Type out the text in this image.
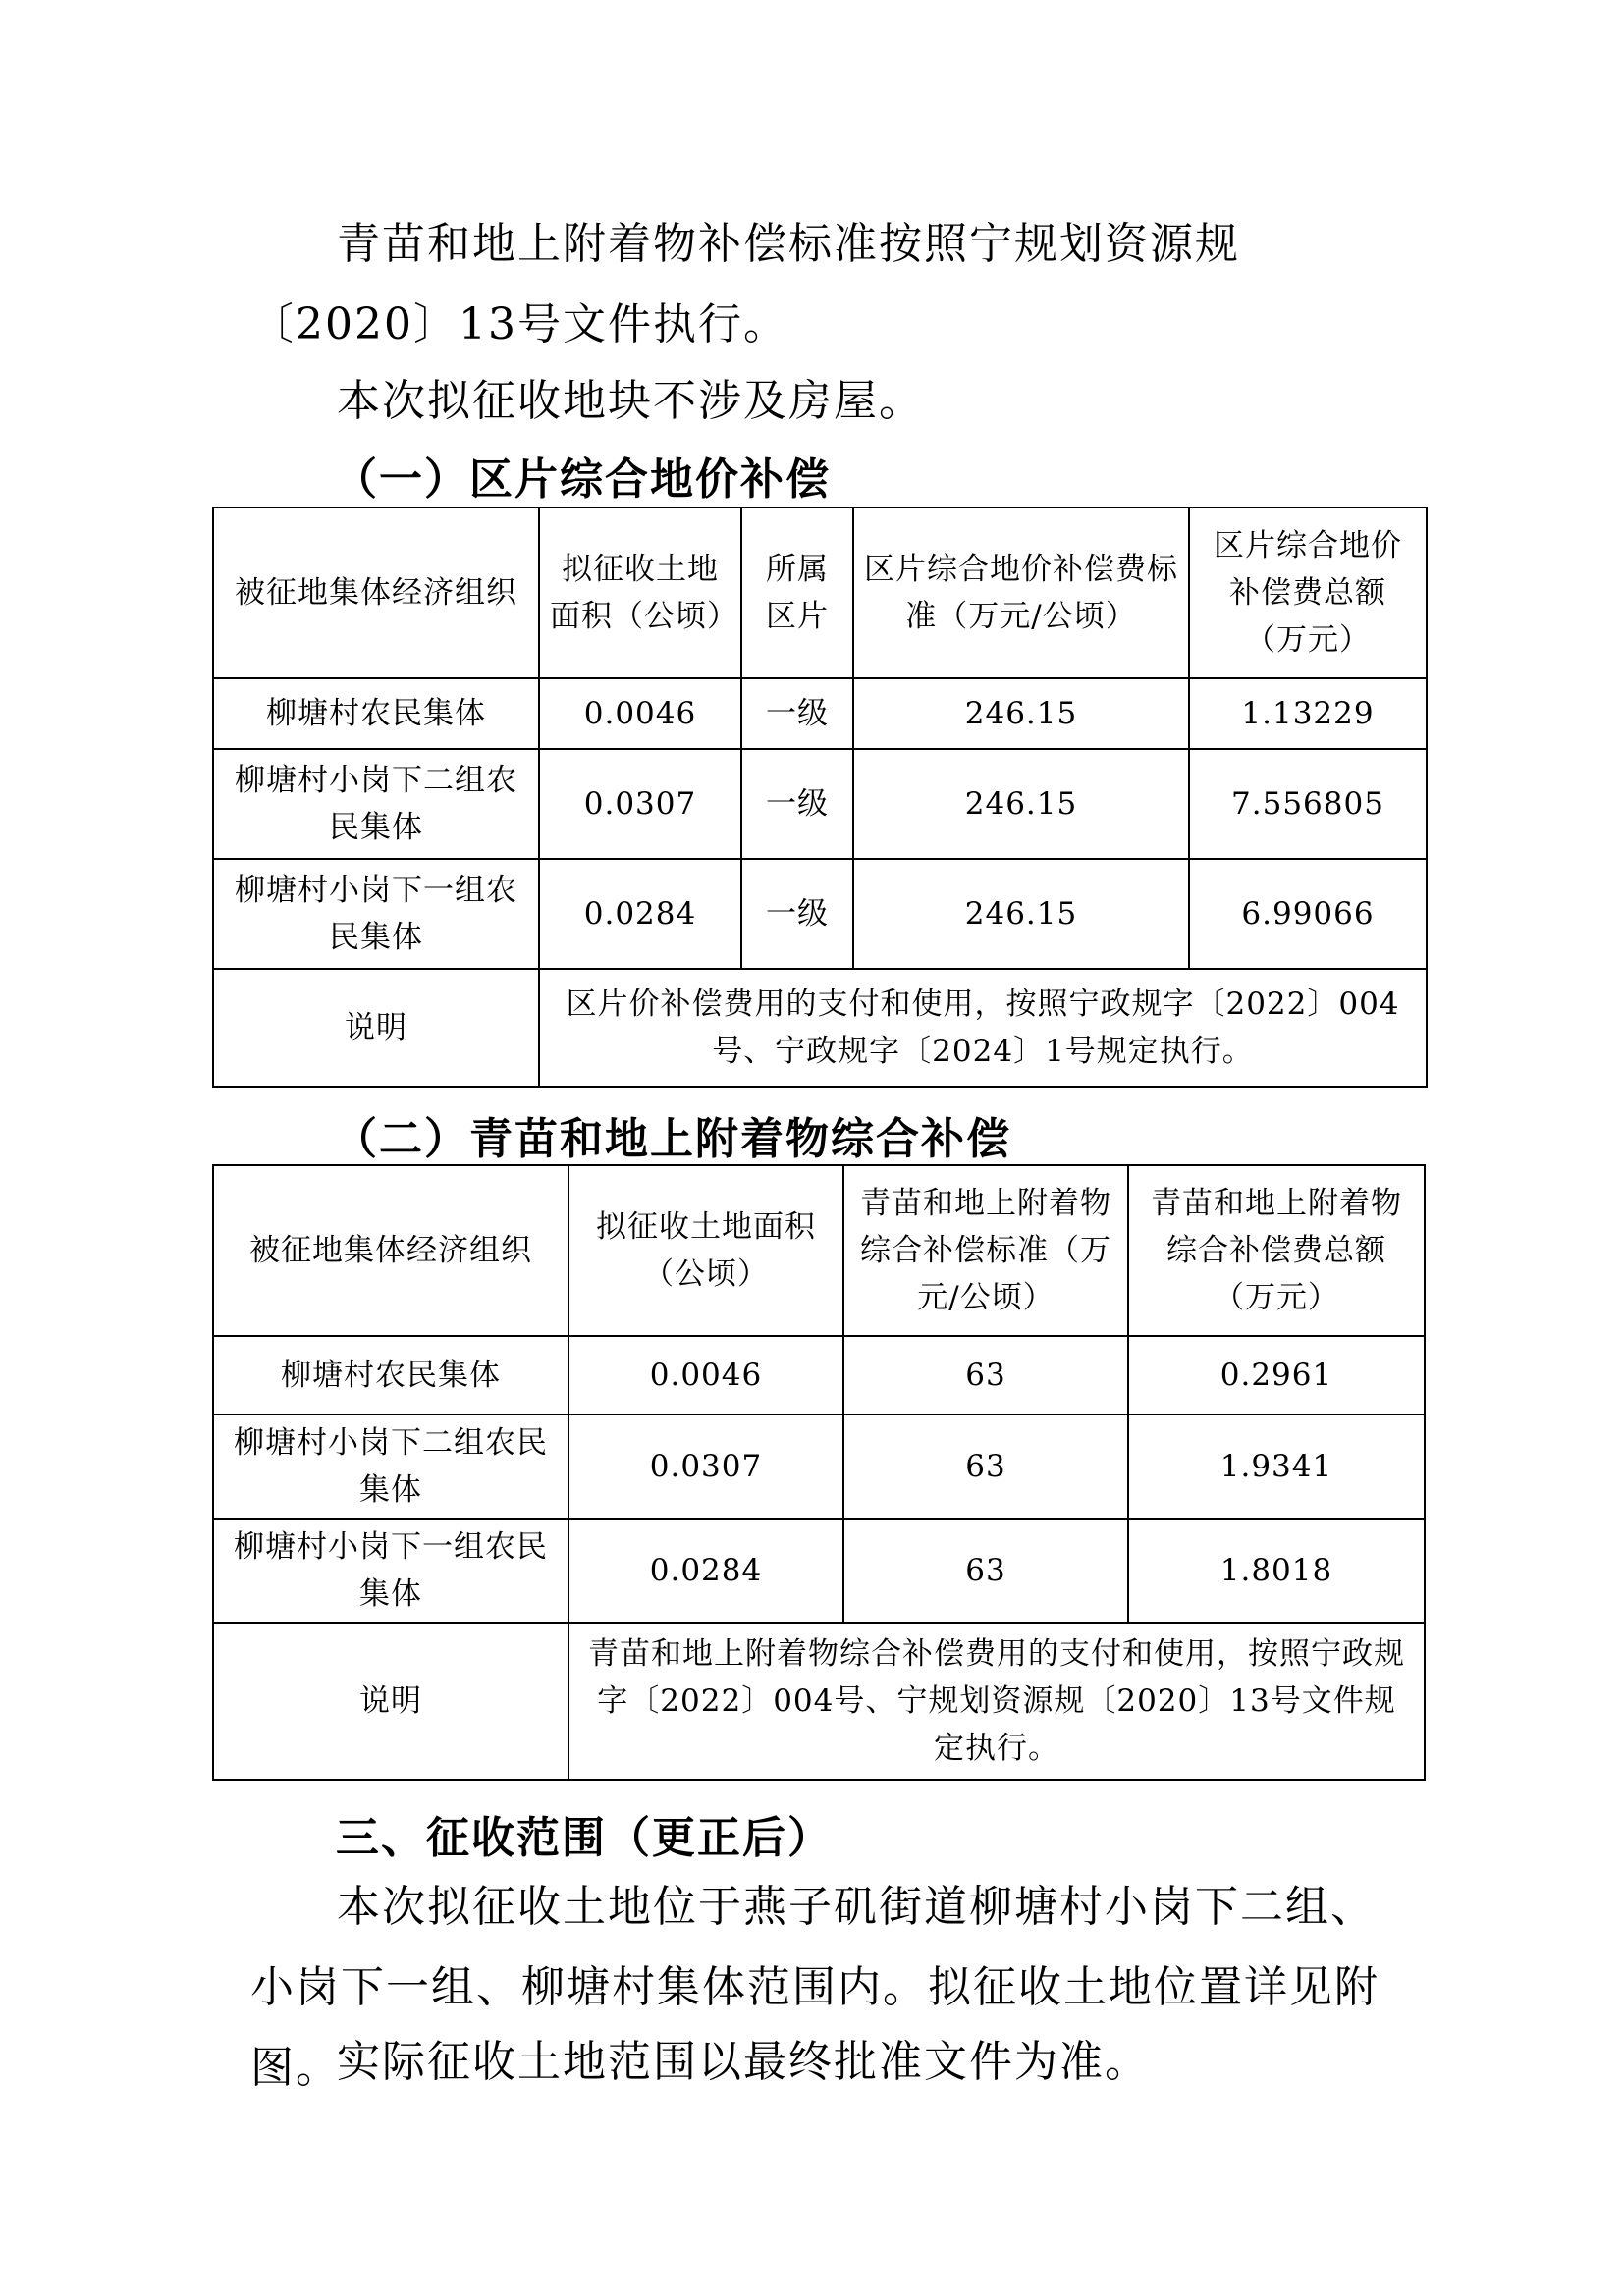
青苗和地上附着物补偿标准按照宁规划资源规〔2020〕13号文件执行。

本次拟征收地块不涉及房屋。

（一）区片综合地价补偿
被征地集体经济组织	拟征收土地面积（公顷）	所属区片	区片综合地价补偿费标准（万元/公顷）	区片综合地价补偿费总额（万元）
柳塘村农民集体	0.0046	一级	246.15	1.13229
柳塘村小岗下二组农民集体	0.0307	一级	246.15	7.556805
柳塘村小岗下一组农民集体	0.0284	一级	246.15	6.99066
说明	区片价补偿费用的支付和使用，按照宁政规字〔2022〕004号、宁政规字〔2024〕1号规定执行。			
（二）青苗和地上附着物综合补偿
被征地集体经济组织	拟征收土地面积（公顷）	青苗和地上附着物综合补偿标准（万元/公顷）	青苗和地上附着物综合补偿费总额（万元）
柳塘村农民集体	0.0046	63	0.2961
柳塘村小岗下二组农民集体	0.0307	63	1.9341
柳塘村小岗下一组农民集体	0.0284	63	1.8018
说明	青苗和地上附着物综合补偿费用的支付和使用，按照宁政规字〔2022〕004号、宁规划资源规〔2020〕13号文件规定执行。		
三、征收范围（更正后）

本次拟征收土地位于燕子矶街道柳塘村小岗下二组、小岗下一组、柳塘村集体范围内。拟征收土地位置详见附图。

实际征收土地范围以最终批准文件为准。
